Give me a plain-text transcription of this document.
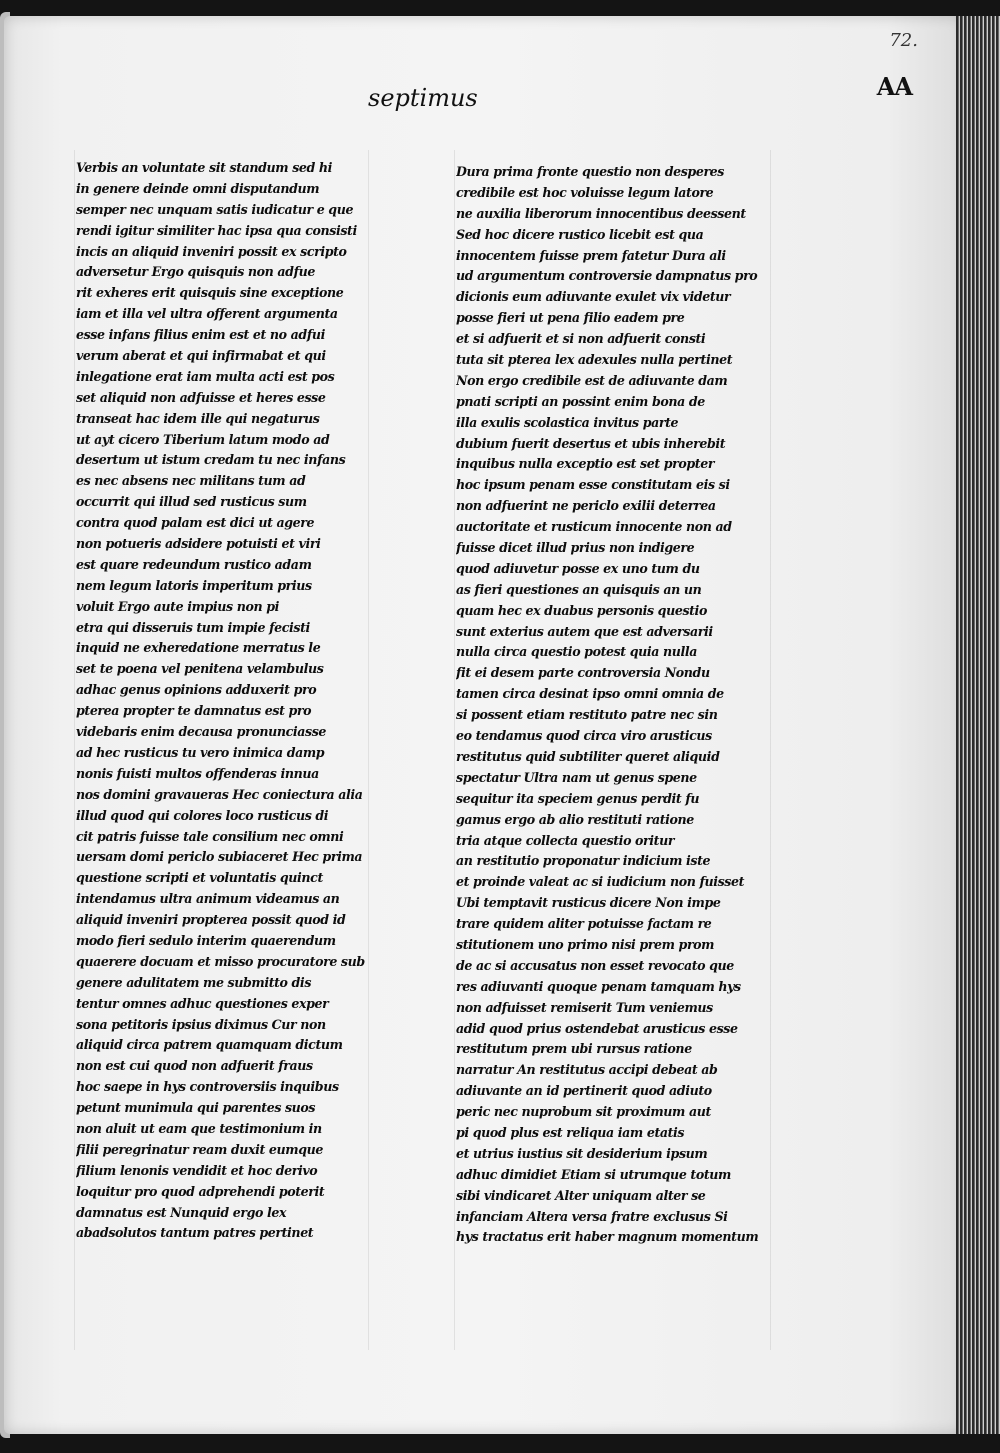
72.
AA
septimus
Verbis an voluntate sit standum sed hi
in genere deinde omni disputandum
semper nec unquam satis iudicatur e que
rendi igitur similiter hac ipsa qua consisti
incis an aliquid inveniri possit ex scripto
adversetur Ergo quisquis non adfue
rit exheres erit quisquis sine exceptione
iam et illa vel ultra offerent argumenta
esse infans filius enim est et no adfui
verum aberat et qui infirmabat et qui
inlegatione erat iam multa acti est pos
set aliquid non adfuisse et heres esse
transeat hac idem ille qui negaturus
ut ayt cicero Tiberium latum modo ad
desertum ut istum credam tu nec infans
es nec absens nec militans tum ad
occurrit qui illud sed rusticus sum
contra quod palam est dici ut agere
non potueris adsidere potuisti et viri
est quare redeundum rustico adam
nem legum latoris imperitum prius
voluit Ergo aute impius non pi
etra qui disseruis tum impie fecisti
inquid ne exheredatione merratus le
set te poena vel penitena velambulus
adhac genus opinions adduxerit pro
pterea propter te damnatus est pro
videbaris enim decausa pronunciasse
ad hec rusticus tu vero inimica damp
nonis fuisti multos offenderas innua
nos domini gravaueras Hec coniectura alia
illud quod qui colores loco rusticus di
cit patris fuisse tale consilium nec omni
uersam domi periclo subiaceret Hec prima
questione scripti et voluntatis quinct
intendamus ultra animum videamus an
aliquid inveniri propterea possit quod id
modo fieri sedulo interim quaerendum
quaerere docuam et misso procuratore sub
genere adulitatem me submitto dis
tentur omnes adhuc questiones exper
sona petitoris ipsius diximus Cur non
aliquid circa patrem quamquam dictum
non est cui quod non adfuerit fraus
hoc saepe in hys controversiis inquibus
petunt munimula qui parentes suos
non aluit ut eam que testimonium in
filii peregrinatur ream duxit eumque
filium lenonis vendidit et hoc derivo
loquitur pro quod adprehendi poterit
damnatus est Nunquid ergo lex
abadsolutos tantum patres pertinet
Dura prima fronte questio non desperes
credibile est hoc voluisse legum latore
ne auxilia liberorum innocentibus deessent
Sed hoc dicere rustico licebit est qua
innocentem fuisse prem fatetur Dura ali
ud argumentum controversie dampnatus pro
dicionis eum adiuvante exulet vix videtur
posse fieri ut pena filio eadem pre
et si adfuerit et si non adfuerit consti
tuta sit pterea lex adexules nulla pertinet
Non ergo credibile est de adiuvante dam
pnati scripti an possint enim bona de
illa exulis scolastica invitus parte
dubium fuerit desertus et ubis inherebit
inquibus nulla exceptio est set propter
hoc ipsum penam esse constitutam eis si
non adfuerint ne periclo exilii deterrea
auctoritate et rusticum innocente non ad
fuisse dicet illud prius non indigere
quod adiuvetur posse ex uno tum du
as fieri questiones an quisquis an un
quam hec ex duabus personis questio
sunt exterius autem que est adversarii
nulla circa questio potest quia nulla
fit ei desem parte controversia Nondu
tamen circa desinat ipso omni omnia de
si possent etiam restituto patre nec sin
eo tendamus quod circa viro arusticus
restitutus quid subtiliter queret aliquid
spectatur Ultra nam ut genus spene
sequitur ita speciem genus perdit fu
gamus ergo ab alio restituti ratione
tria atque collecta questio oritur
an restitutio proponatur indicium iste
et proinde valeat ac si iudicium non fuisset
Ubi temptavit rusticus dicere Non impe
trare quidem aliter potuisse factam re
stitutionem uno primo nisi prem prom
de ac si accusatus non esset revocato que
res adiuvanti quoque penam tamquam hys
non adfuisset remiserit Tum veniemus
adid quod prius ostendebat arusticus esse
restitutum prem ubi rursus ratione
narratur An restitutus accipi debeat ab
adiuvante an id pertinerit quod adiuto
peric nec nuprobum sit proximum aut
pi quod plus est reliqua iam etatis
et utrius iustius sit desiderium ipsum
adhuc dimidiet Etiam si utrumque totum
sibi vindicaret Alter uniquam alter se
infanciam Altera versa fratre exclusus Si
hys tractatus erit haber magnum momentum
